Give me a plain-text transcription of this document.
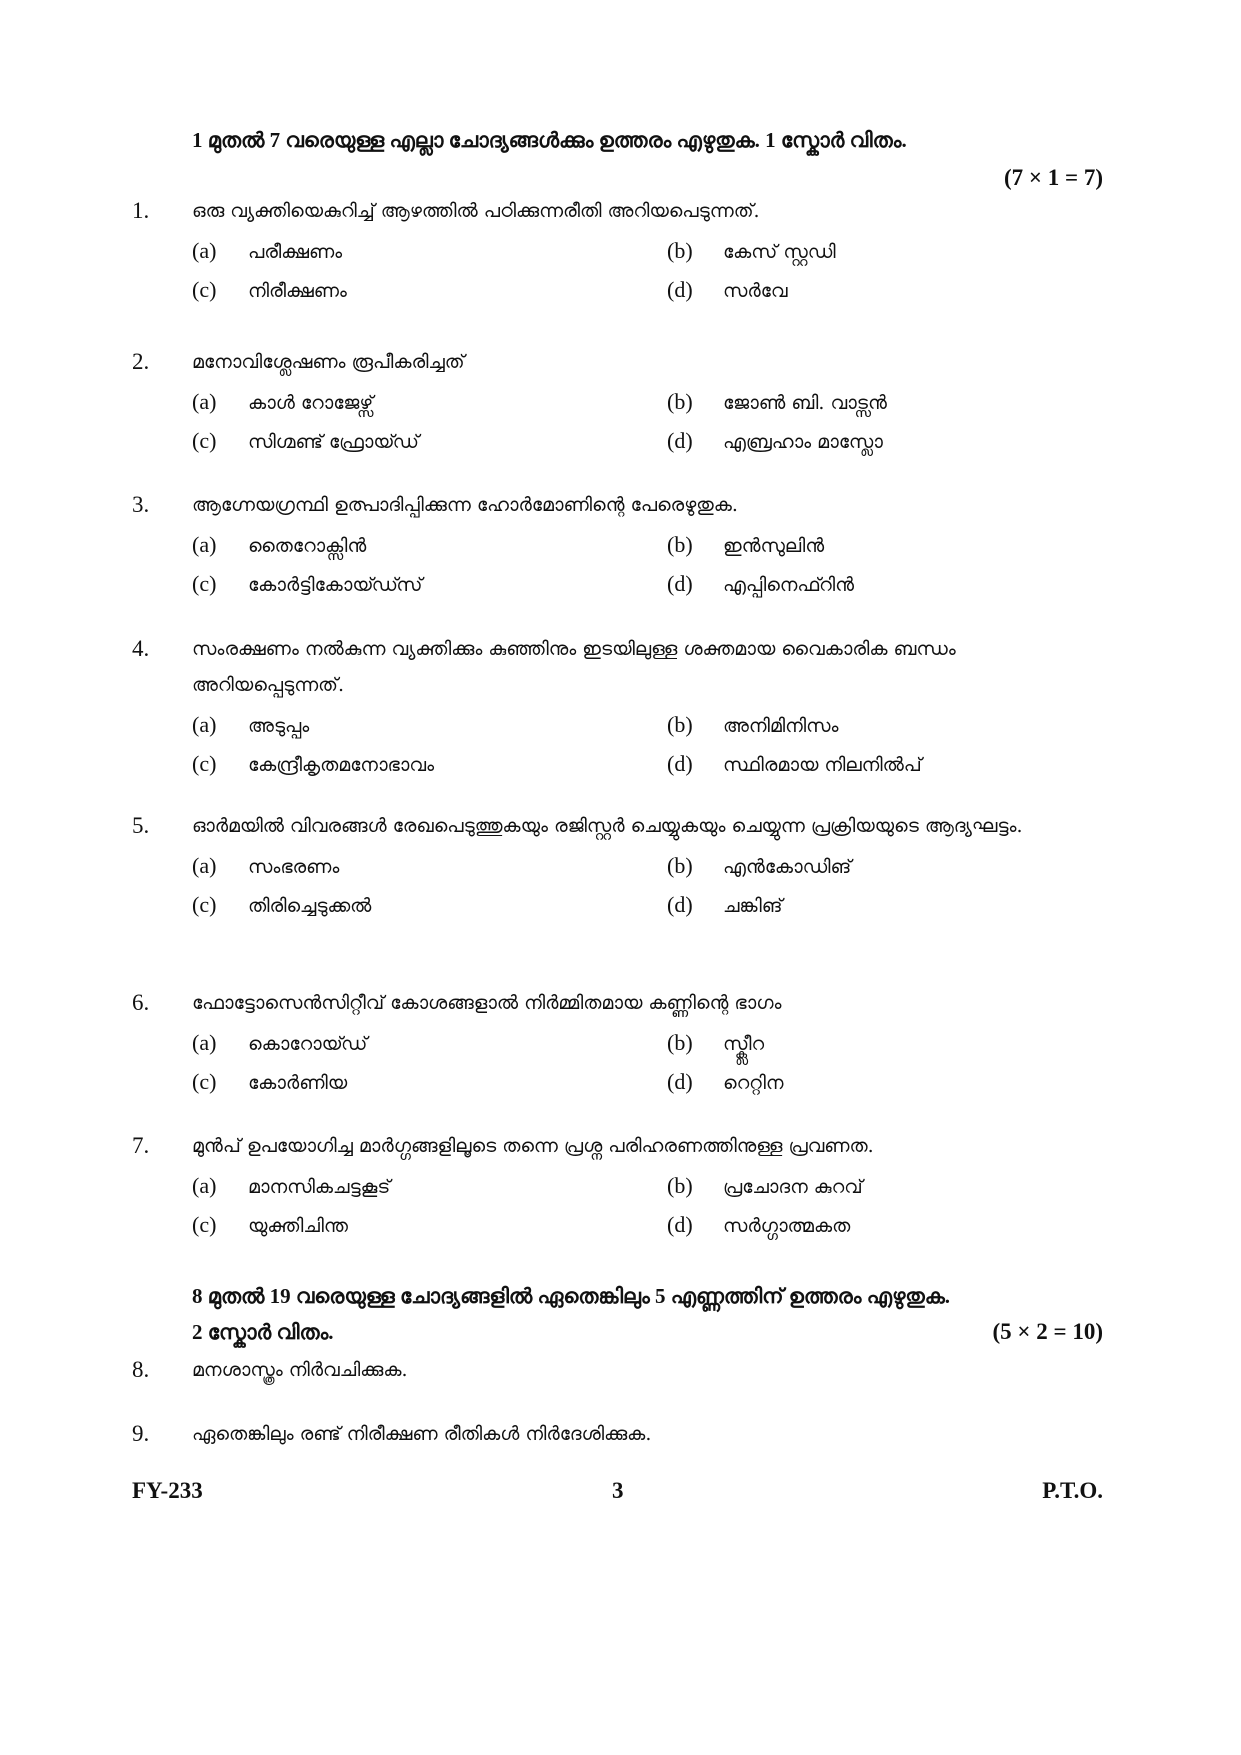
1 മുതൽ 7 വരെയുള്ള എല്ലാ ചോദ്യങ്ങൾക്കും ഉത്തരം എഴുതുക. 1 സ്കോർ വിതം.
(7 × 1 = 7)
1. ഒരു വ്യക്തിയെകുറിച്ച് ആഴത്തിൽ പഠിക്കുന്നരീതി അറിയപെടുന്നത്.
(a)	പരീക്ഷണം	(b)	കേസ് സ്റ്റഡി
(c)	നിരീക്ഷണം	(d)	സർവേ
2. മനോവിശ്ലേഷണം രൂപീകരിച്ചത്
(a)	കാൾ റോജേഴ്സ്	(b)	ജോൺ ബി. വാട്സൻ
(c)	സിഗ്മണ്ട് ഫ്രോയ്ഡ്	(d)	എബ്രഹാം മാസ്ലോ
3. ആഗ്നേയഗ്രന്ഥി ഉത്പാദിപ്പിക്കുന്ന ഹോർമോണിന്റെ പേരെഴുതുക.
(a)	തൈറോക്സിൻ	(b)	ഇൻസുലിൻ
(c)	കോർട്ടികോയ്ഡ്സ്	(d)	എപ്പിനെഫ്റിൻ
4. സംരക്ഷണം നൽകുന്ന വ്യക്തിക്കും കുഞ്ഞിനും ഇടയിലുള്ള ശക്തമായ വൈകാരിക ബന്ധം അറിയപ്പെടുന്നത്.
(a)	അടുപ്പം	(b)	അനിമിനിസം
(c)	കേന്ദ്രീകൃതമനോഭാവം	(d)	സ്ഥിരമായ നിലനിൽപ്
5. ഓർമയിൽ വിവരങ്ങൾ രേഖപെടുത്തുകയും രജിസ്റ്റർ ചെയ്യുകയും ചെയ്യുന്ന പ്രക്രിയയുടെ ആദ്യഘട്ടം.
(a)	സംഭരണം	(b)	എൻകോഡിങ്
(c)	തിരിച്ചെടുക്കൽ	(d)	ചങ്കിങ്
6. ഫോട്ടോസെൻസിറ്റീവ് കോശങ്ങളാൽ നിർമ്മിതമായ കണ്ണിന്റെ ഭാഗം
(a)	കൊറോയ്ഡ്	(b)	സ്ക്ലീറ
(c)	കോർണിയ	(d)	റെറ്റിന
7. മുൻപ് ഉപയോഗിച്ച മാർഗ്ഗങ്ങളിലൂടെ തന്നെ പ്രശ്ന പരിഹരണത്തിനുള്ള പ്രവണത.
(a)	മാനസികചട്ടകൂട്	(b)	പ്രചോദന കുറവ്
(c)	യുക്തിചിന്ത	(d)	സർഗ്ഗാത്മകത
8 മുതൽ 19 വരെയുള്ള ചോദ്യങ്ങളിൽ ഏതെങ്കിലും 5 എണ്ണത്തിന് ഉത്തരം എഴുതുക.
2 സ്കോർ വിതം.	(5 × 2 = 10)
8. മനശാസ്ത്രം നിർവചിക്കുക.
9. ഏതെങ്കിലും രണ്ട് നിരീക്ഷണ രീതികൾ നിർദേശിക്കുക.
FY-233	3	P.T.O.
